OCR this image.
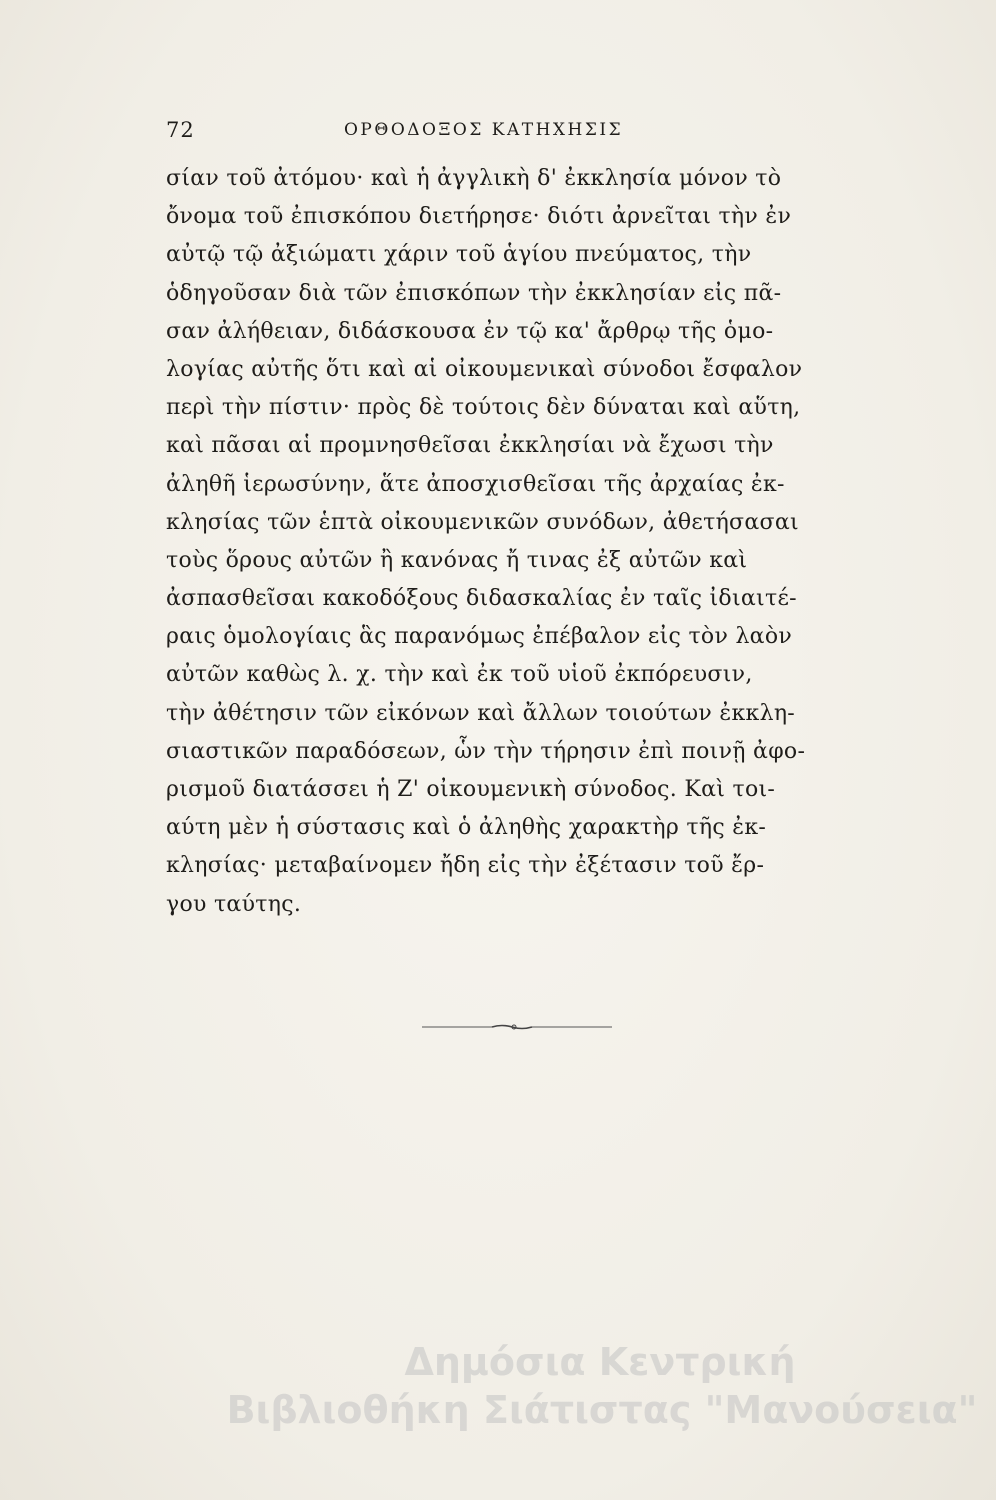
72	ΟΡΘΟΔΟΞΟΣ ΚΑΤΗΧΗΣΙΣ
σίαν τοῦ ἀτόμου· καὶ ἡ ἀγγλικὴ δ' ἐκκλησία μόνον τὸ
ὄνομα τοῦ ἐπισκόπου διετήρησε· διότι ἀρνεῖται τὴν ἐν
αὐτῷ τῷ ἀξιώματι χάριν τοῦ ἁγίου πνεύματος, τὴν
ὁδηγοῦσαν διὰ τῶν ἐπισκόπων τὴν ἐκκλησίαν εἰς πᾶ-
σαν ἀλήθειαν, διδάσκουσα ἐν τῷ κα' ἄρθρῳ τῆς ὁμο-
λογίας αὐτῆς ὅτι καὶ αἱ οἰκουμενικαὶ σύνοδοι ἔσφαλον
περὶ τὴν πίστιν· πρὸς δὲ τούτοις δὲν δύναται καὶ αὕτη,
καὶ πᾶσαι αἱ προμνησθεῖσαι ἐκκλησίαι νὰ ἔχωσι τὴν
ἀληθῆ ἱερωσύνην, ἅτε ἀποσχισθεῖσαι τῆς ἀρχαίας ἐκ-
κλησίας τῶν ἑπτὰ οἰκουμενικῶν συνόδων, ἀθετήσασαι
τοὺς ὅρους αὐτῶν ἢ κανόνας ἤ τινας ἐξ αὐτῶν καὶ
ἀσπασθεῖσαι κακοδόξους διδασκαλίας ἐν ταῖς ἰδιαιτέ-
ραις ὁμολογίαις ἃς παρανόμως ἐπέβαλον εἰς τὸν λαὸν
αὐτῶν καθὼς λ. χ. τὴν καὶ ἐκ τοῦ υἱοῦ ἐκπόρευσιν,
τὴν ἀθέτησιν τῶν εἰκόνων καὶ ἄλλων τοιούτων ἐκκλη-
σιαστικῶν παραδόσεων, ὧν τὴν τήρησιν ἐπὶ ποινῇ ἀφο-
ρισμοῦ διατάσσει ἡ Ζ' οἰκουμενικὴ σύνοδος. Καὶ τοι-
αύτη μὲν ἡ σύστασις καὶ ὁ ἀληθὴς χαρακτὴρ τῆς ἐκ-
κλησίας· μεταβαίνομεν ἤδη εἰς τὴν ἐξέτασιν τοῦ ἔρ-
γου ταύτης.
Δημόσια Κεντρική
Βιβλιοθήκη Σιάτιστας "Μανούσεια"
